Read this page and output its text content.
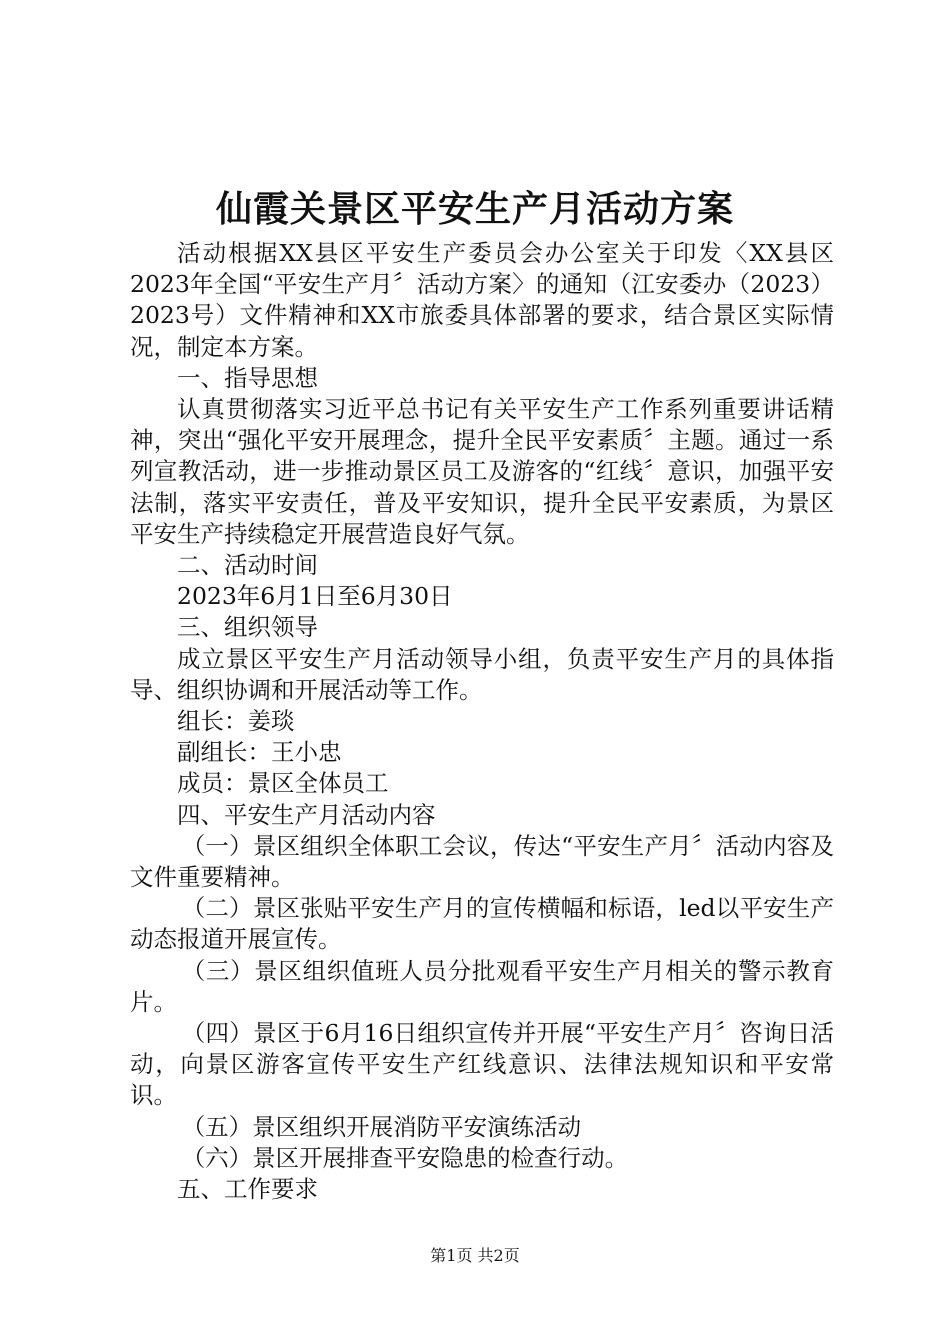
仙霞关景区平安生产月活动方案

活动根据XX县区平安生产委员会办公室关于印发〈XX县区2023年全国“平安生产月〞活动方案〉的通知（江安委办（2023）2023号）文件精神和XX市旅委具体部署的要求，结合景区实际情况，制定本方案。

一、指导思想

认真贯彻落实习近平总书记有关平安生产工作系列重要讲话精神，突出“强化平安开展理念，提升全民平安素质〞主题。通过一系列宣教活动，进一步推动景区员工及游客的“红线〞意识，加强平安法制，落实平安责任，普及平安知识，提升全民平安素质，为景区平安生产持续稳定开展营造良好气氛。

二、活动时间

2023年6月1日至6月30日

三、组织领导

成立景区平安生产月活动领导小组，负责平安生产月的具体指导、组织协调和开展活动等工作。

组长：姜琰

副组长：王小忠

成员：景区全体员工

四、平安生产月活动内容

（一）景区组织全体职工会议，传达“平安生产月〞活动内容及文件重要精神。

（二）景区张贴平安生产月的宣传横幅和标语，led以平安生产动态报道开展宣传。

（三）景区组织值班人员分批观看平安生产月相关的警示教育片。

（四）景区于6月16日组织宣传并开展“平安生产月〞咨询日活动，向景区游客宣传平安生产红线意识、法律法规知识和平安常识。

（五）景区组织开展消防平安演练活动

（六）景区开展排查平安隐患的检查行动。

五、工作要求

第1页 共2页
